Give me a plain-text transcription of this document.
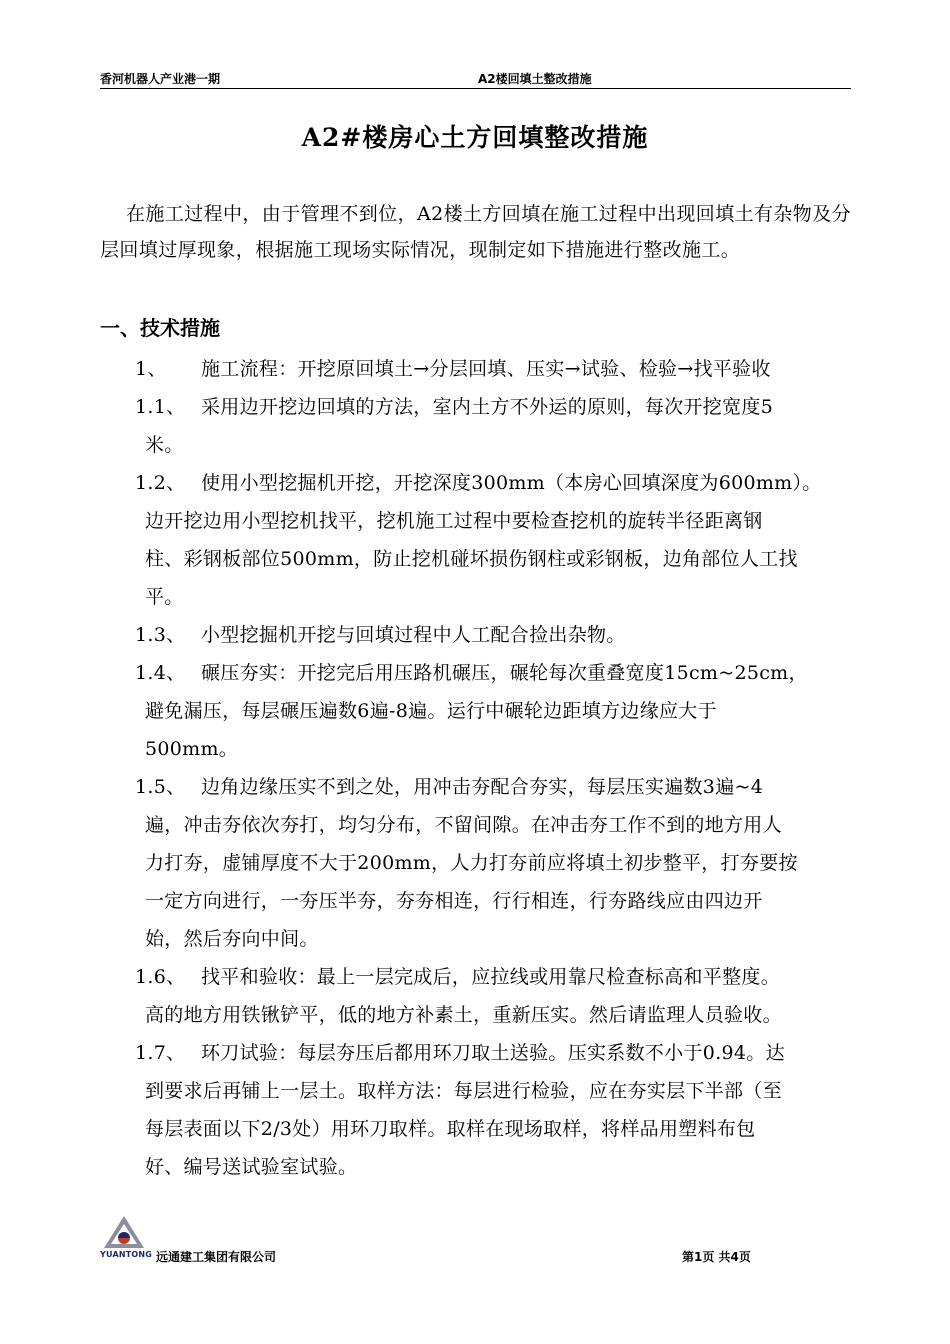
香河机器人产业港一期	A2楼回填土整改措施
A2#楼房心土方回填整改措施
在施工过程中，由于管理不到位，A2楼土方回填在施工过程中出现回填土有杂物及分层回填过厚现象，根据施工现场实际情况，现制定如下措施进行整改施工。
一、技术措施
1、 施工流程：开挖原回填土→分层回填、压实→试验、检验→找平验收
1.1、 采用边开挖边回填的方法，室内土方不外运的原则，每次开挖宽度5
米。
1.2、 使用小型挖掘机开挖，开挖深度300mm（本房心回填深度为600mm）。
边开挖边用小型挖机找平，挖机施工过程中要检查挖机的旋转半径距离钢
柱、彩钢板部位500mm，防止挖机碰坏损伤钢柱或彩钢板，边角部位人工找
平。
1.3、 小型挖掘机开挖与回填过程中人工配合捡出杂物。
1.4、 碾压夯实：开挖完后用压路机碾压，碾轮每次重叠宽度15cm~25cm，
避免漏压，每层碾压遍数6遍-8遍。运行中碾轮边距填方边缘应大于
500mm。
1.5、 边角边缘压实不到之处，用冲击夯配合夯实，每层压实遍数3遍~4
遍，冲击夯依次夯打，均匀分布，不留间隙。在冲击夯工作不到的地方用人
力打夯，虚铺厚度不大于200mm，人力打夯前应将填土初步整平，打夯要按
一定方向进行，一夯压半夯，夯夯相连，行行相连，行夯路线应由四边开
始，然后夯向中间。
1.6、 找平和验收：最上一层完成后，应拉线或用靠尺检查标高和平整度。
高的地方用铁锹铲平，低的地方补素土，重新压实。然后请监理人员验收。
1.7、 环刀试验：每层夯压后都用环刀取土送验。压实系数不小于0.94。达
到要求后再铺上一层土。取样方法：每层进行检验，应在夯实层下半部（至
每层表面以下2/3处）用环刀取样。取样在现场取样，将样品用塑料布包
好、编号送试验室试验。
YUANTONG 远通建工集团有限公司	第1页 共4页
